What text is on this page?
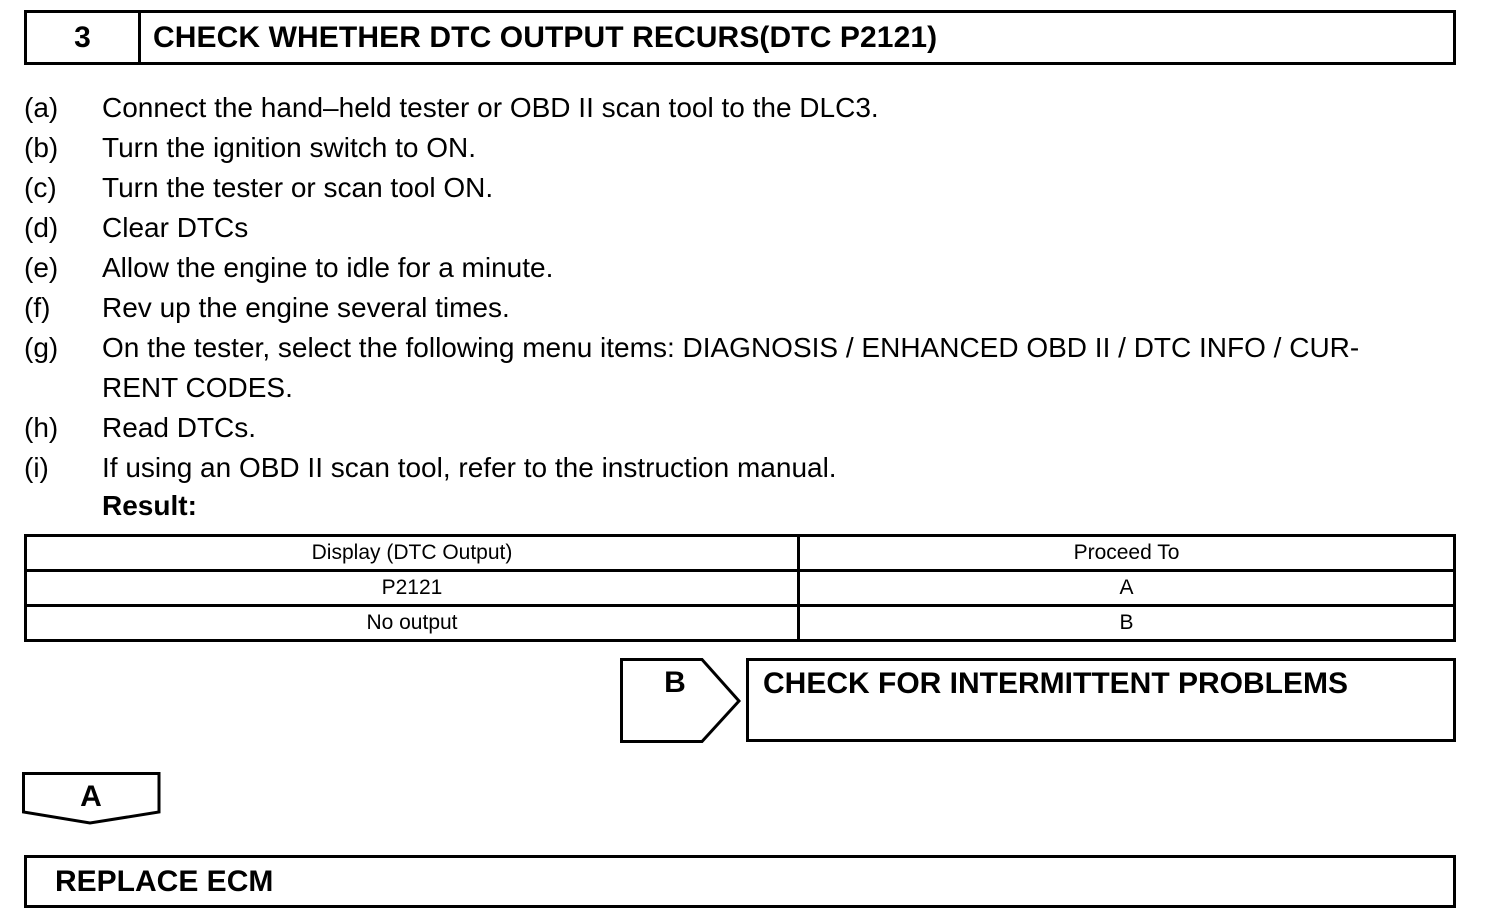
3	CHECK WHETHER DTC OUTPUT RECURS(DTC P2121)
(a)	Connect the hand–held tester or OBD II scan tool to the DLC3.
(b)	Turn the ignition switch to ON.
(c)	Turn the tester or scan tool ON.
(d)	Clear DTCs
(e)	Allow the engine to idle for a minute.
(f)	Rev up the engine several times.
(g)	On the tester, select the following menu items: DIAGNOSIS / ENHANCED OBD II / DTC INFO / CUR-
RENT CODES.
(h)	Read DTCs.
(i)	If using an OBD II scan tool, refer to the instruction manual.
Result:
Display (DTC Output)	Proceed To
P2121	A
No output	B
B	CHECK FOR INTERMITTENT PROBLEMS
A
REPLACE ECM
